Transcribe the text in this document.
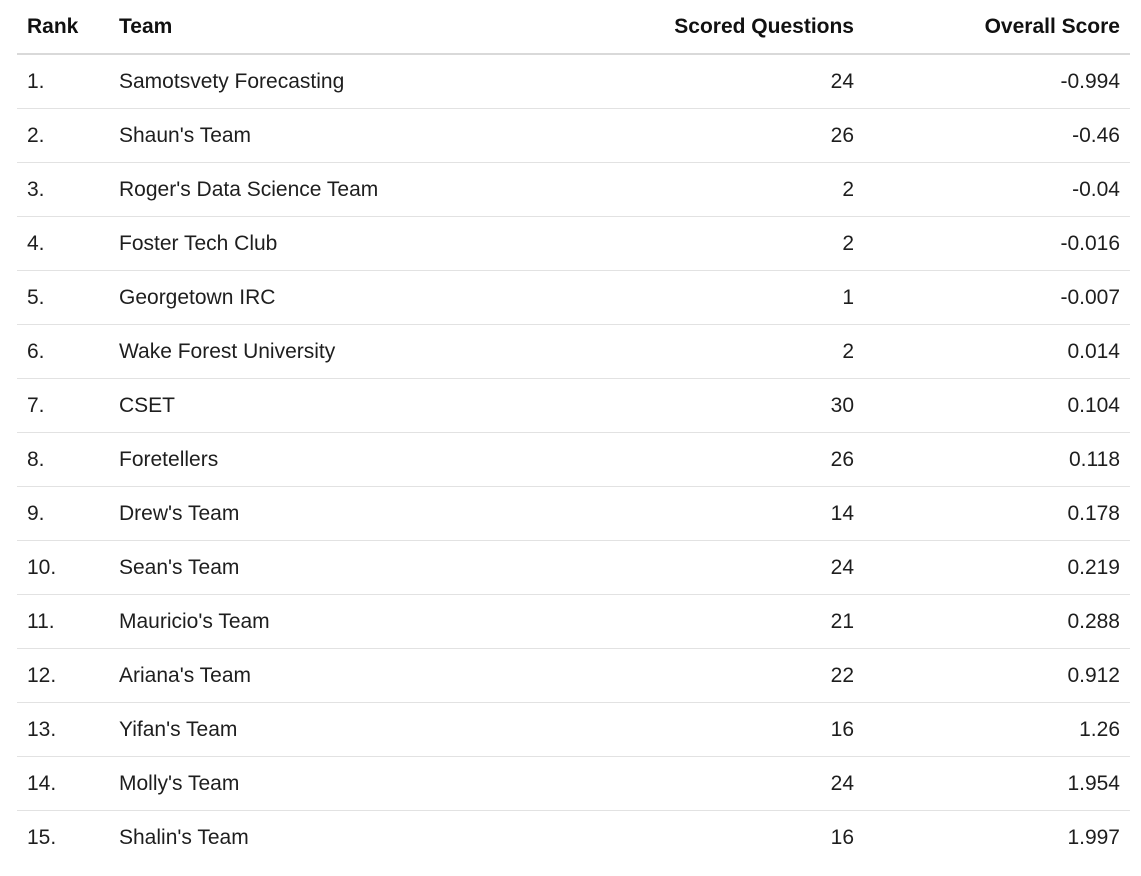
Rank	Team	Scored Questions	Overall Score
1.	Samotsvety Forecasting	24	-0.994
2.	Shaun's Team	26	-0.46
3.	Roger's Data Science Team	2	-0.04
4.	Foster Tech Club	2	-0.016
5.	Georgetown IRC	1	-0.007
6.	Wake Forest University	2	0.014
7.	CSET	30	0.104
8.	Foretellers	26	0.118
9.	Drew's Team	14	0.178
10.	Sean's Team	24	0.219
11.	Mauricio's Team	21	0.288
12.	Ariana's Team	22	0.912
13.	Yifan's Team	16	1.26
14.	Molly's Team	24	1.954
15.	Shalin's Team	16	1.997
